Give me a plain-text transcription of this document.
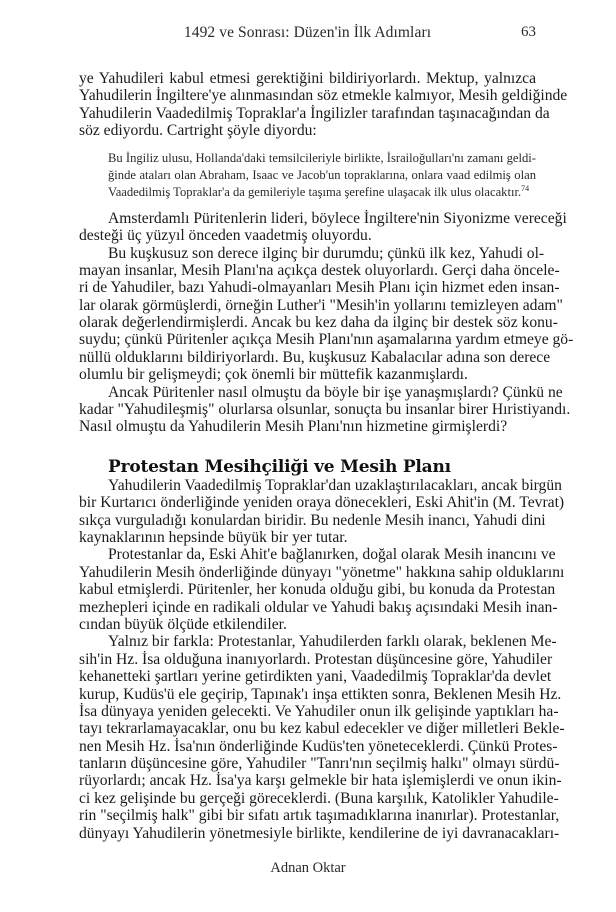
1492 ve Sonrası: Düzen'in İlk Adımları	63
ye Yahudileri kabul etmesi gerektiğini bildiriyorlardı. Mektup, yalnızca
Yahudilerin İngiltere'ye alınmasından söz etmekle kalmıyor, Mesih geldiğinde
Yahudilerin Vaadedilmiş Topraklar'a İngilizler tarafından taşınacağından da
söz ediyordu. Cartright şöyle diyordu:
Bu İngiliz ulusu, Hollanda'daki temsilcileriyle birlikte, İsrailoğulları'nı zamanı geldi-
ğinde ataları olan Abraham, Isaac ve Jacob'un topraklarına, onlara vaad edilmiş olan
Vaadedilmiş Topraklar'a da gemileriyle taşıma şerefine ulaşacak ilk ulus olacaktır.$^{74}$
Amsterdamlı Püritenlerin lideri, böylece İngiltere'nin Siyonizme vereceği
desteği üç yüzyıl önceden vaadetmiş oluyordu.
Bu kuşkusuz son derece ilginç bir durumdu; çünkü ilk kez, Yahudi ol-
mayan insanlar, Mesih Planı'na açıkça destek oluyorlardı. Gerçi daha öncele-
ri de Yahudiler, bazı Yahudi-olmayanları Mesih Planı için hizmet eden insan-
lar olarak görmüşlerdi, örneğin Luther'i "Mesih'in yollarını temizleyen adam"
olarak değerlendirmişlerdi. Ancak bu kez daha da ilginç bir destek söz konu-
suydu; çünkü Püritenler açıkça Mesih Planı'nın aşamalarına yardım etmeye gö-
nüllü olduklarını bildiriyorlardı. Bu, kuşkusuz Kabalacılar adına son derece
olumlu bir gelişmeydi; çok önemli bir müttefik kazanmışlardı.
Ancak Püritenler nasıl olmuştu da böyle bir işe yanaşmışlardı? Çünkü ne
kadar "Yahudileşmiş" olurlarsa olsunlar, sonuçta bu insanlar birer Hıristiyandı.
Nasıl olmuştu da Yahudilerin Mesih Planı'nın hizmetine girmişlerdi?
Protestan Mesihçiliği ve Mesih Planı
Yahudilerin Vaadedilmiş Topraklar'dan uzaklaştırılacakları, ancak birgün
bir Kurtarıcı önderliğinde yeniden oraya dönecekleri, Eski Ahit'in (M. Tevrat)
sıkça vurguladığı konulardan biridir. Bu nedenle Mesih inancı, Yahudi dini
kaynaklarının hepsinde büyük bir yer tutar.
Protestanlar da, Eski Ahit'e bağlanırken, doğal olarak Mesih inancını ve
Yahudilerin Mesih önderliğinde dünyayı "yönetme" hakkına sahip olduklarını
kabul etmişlerdi. Püritenler, her konuda olduğu gibi, bu konuda da Protestan
mezhepleri içinde en radikali oldular ve Yahudi bakış açısındaki Mesih inan-
cından büyük ölçüde etkilendiler.
Yalnız bir farkla: Protestanlar, Yahudilerden farklı olarak, beklenen Me-
sih'in Hz. İsa olduğuna inanıyorlardı. Protestan düşüncesine göre, Yahudiler
kehanetteki şartları yerine getirdikten yani, Vaadedilmiş Topraklar'da devlet
kurup, Kudüs'ü ele geçirip, Tapınak'ı inşa ettikten sonra, Beklenen Mesih Hz.
İsa dünyaya yeniden gelecekti. Ve Yahudiler onun ilk gelişinde yaptıkları ha-
tayı tekrarlamayacaklar, onu bu kez kabul edecekler ve diğer milletleri Bekle-
nen Mesih Hz. İsa'nın önderliğinde Kudüs'ten yöneteceklerdi. Çünkü Protes-
tanların düşüncesine göre, Yahudiler "Tanrı'nın seçilmiş halkı" olmayı sürdü-
rüyorlardı; ancak Hz. İsa'ya karşı gelmekle bir hata işlemişlerdi ve onun ikin-
ci kez gelişinde bu gerçeği göreceklerdi. (Buna karşılık, Katolikler Yahudile-
rin "seçilmiş halk" gibi bir sıfatı artık taşımadıklarına inanırlar). Protestanlar,
dünyayı Yahudilerin yönetmesiyle birlikte, kendilerine de iyi davranacakları-
Adnan Oktar
